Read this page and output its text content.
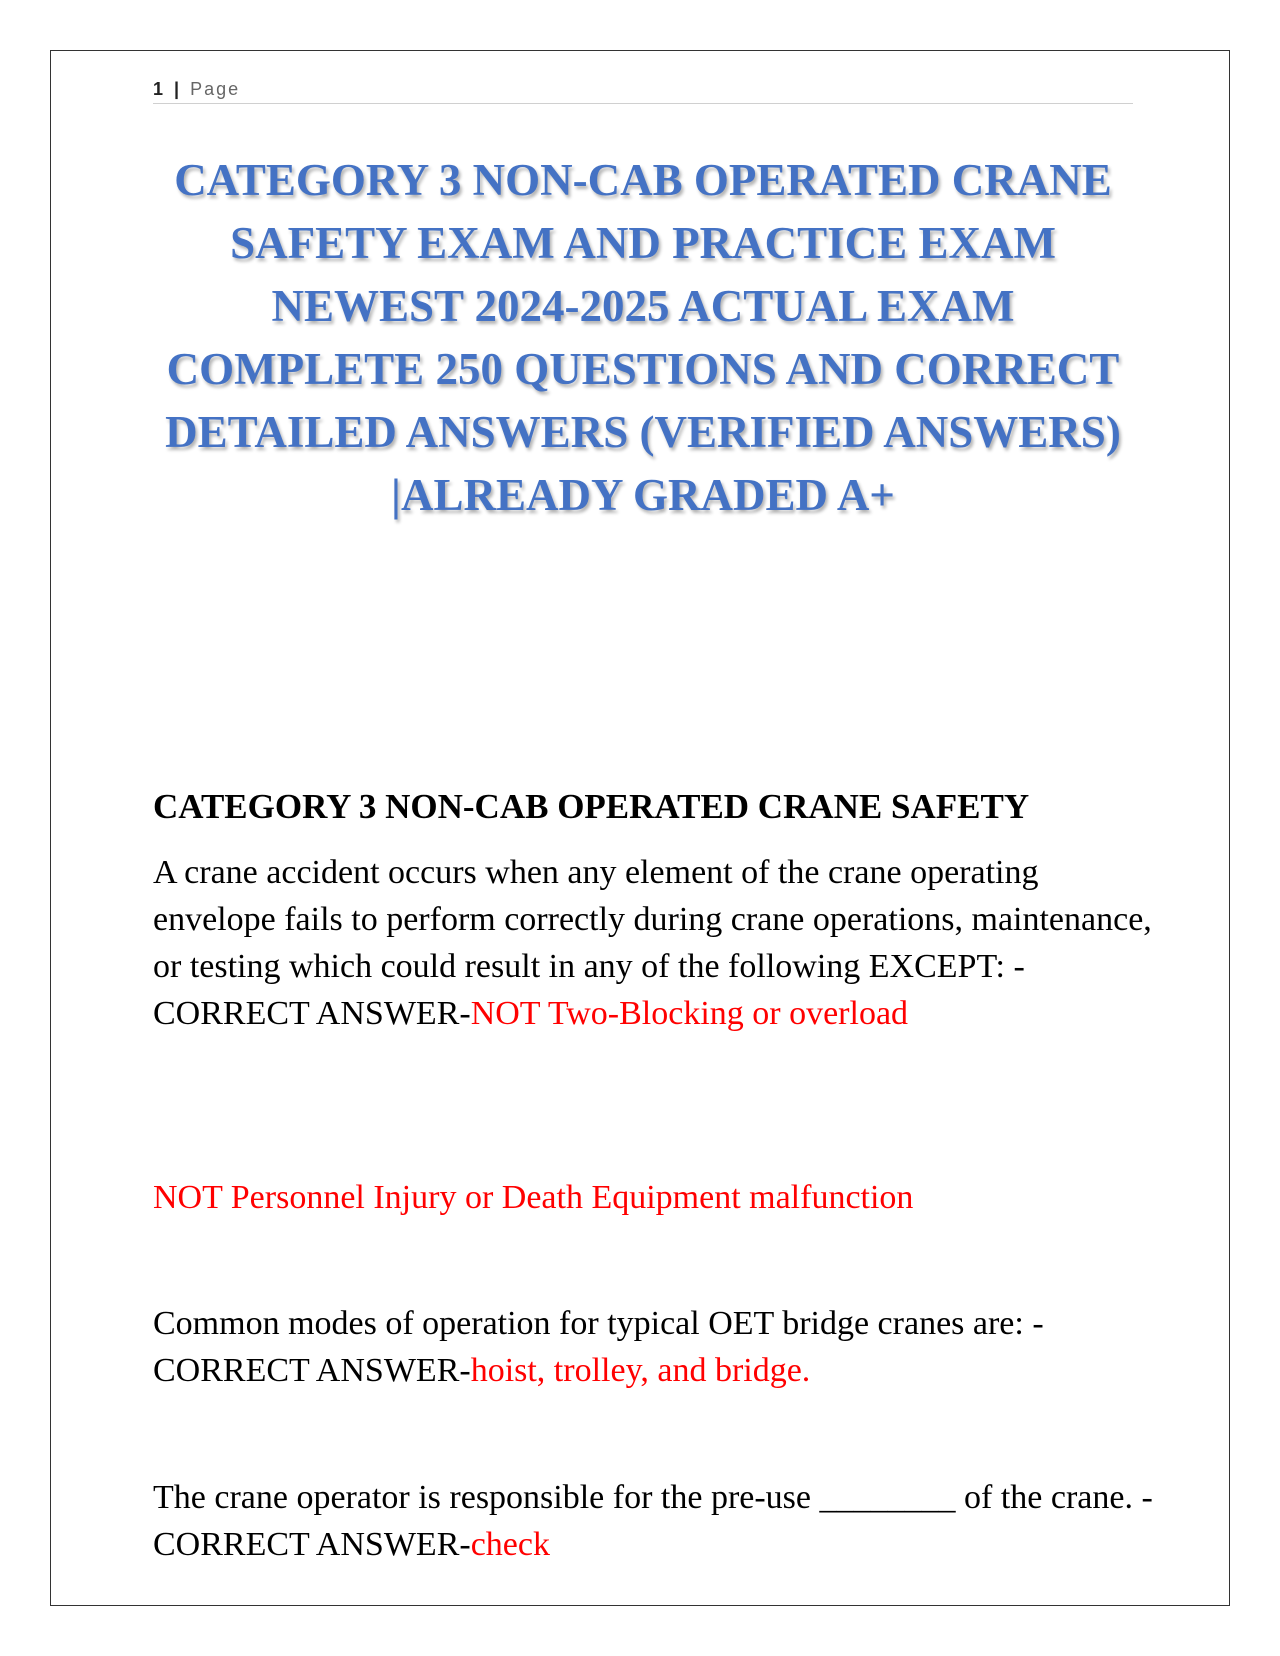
1 | Page
CATEGORY 3 NON-CAB OPERATED CRANE SAFETY EXAM AND PRACTICE EXAM NEWEST 2024-2025 ACTUAL EXAM COMPLETE 250 QUESTIONS AND CORRECT DETAILED ANSWERS (VERIFIED ANSWERS) |ALREADY GRADED A+
CATEGORY 3 NON-CAB OPERATED CRANE SAFETY
A crane accident occurs when any element of the crane operating envelope fails to perform correctly during crane operations, maintenance, or testing which could result in any of the following EXCEPT: - CORRECT ANSWER-NOT Two-Blocking or overload
NOT Personnel Injury or Death Equipment malfunction
Common modes of operation for typical OET bridge cranes are: - CORRECT ANSWER-hoist, trolley, and bridge.
The crane operator is responsible for the pre-use ________ of the crane. - CORRECT ANSWER-check
